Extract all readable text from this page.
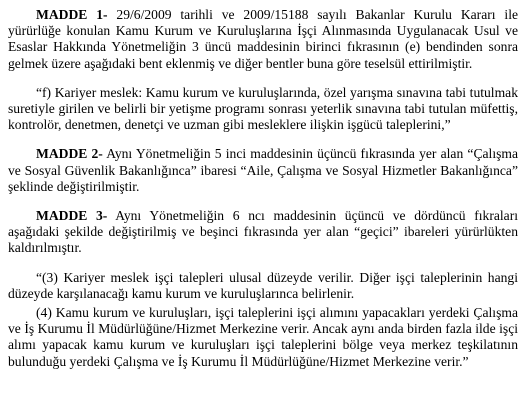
MADDE 1- 29/6/2009 tarihli ve 2009/15188 sayılı Bakanlar Kurulu Kararı ile yürürlüğe konulan Kamu Kurum ve Kuruluşlarına İşçi Alınmasında Uygulanacak Usul ve Esaslar Hakkında Yönetmeliğin 3 üncü maddesinin birinci fıkrasının (e) bendinden sonra gelmek üzere aşağıdaki bent eklenmiş ve diğer bentler buna göre teselsül ettirilmiştir.

“f) Kariyer meslek: Kamu kurum ve kuruluşlarında, özel yarışma sınavına tabi tutulmak suretiyle girilen ve belirli bir yetişme programı sonrası yeterlik sınavına tabi tutulan müfettiş, kontrolör, denetmen, denetçi ve uzman gibi mesleklere ilişkin işgücü taleplerini,”

MADDE 2- Aynı Yönetmeliğin 5 inci maddesinin üçüncü fıkrasında yer alan “Çalışma ve Sosyal Güvenlik Bakanlığınca” ibaresi “Aile, Çalışma ve Sosyal Hizmetler Bakanlığınca” şeklinde değiştirilmiştir.

MADDE 3- Aynı Yönetmeliğin 6 ncı maddesinin üçüncü ve dördüncü fıkraları aşağıdaki şekilde değiştirilmiş ve beşinci fıkrasında yer alan “geçici” ibareleri yürürlükten kaldırılmıştır.

“(3) Kariyer meslek işçi talepleri ulusal düzeyde verilir. Diğer işçi taleplerinin hangi düzeyde karşılanacağı kamu kurum ve kuruluşlarınca belirlenir.

(4) Kamu kurum ve kuruluşları, işçi taleplerini işçi alımını yapacakları yerdeki Çalışma ve İş Kurumu İl Müdürlüğüne/Hizmet Merkezine verir. Ancak aynı anda birden fazla ilde işçi alımı yapacak kamu kurum ve kuruluşları işçi taleplerini bölge veya merkez teşkilatının bulunduğu yerdeki Çalışma ve İş Kurumu İl Müdürlüğüne/Hizmet Merkezine verir.”
